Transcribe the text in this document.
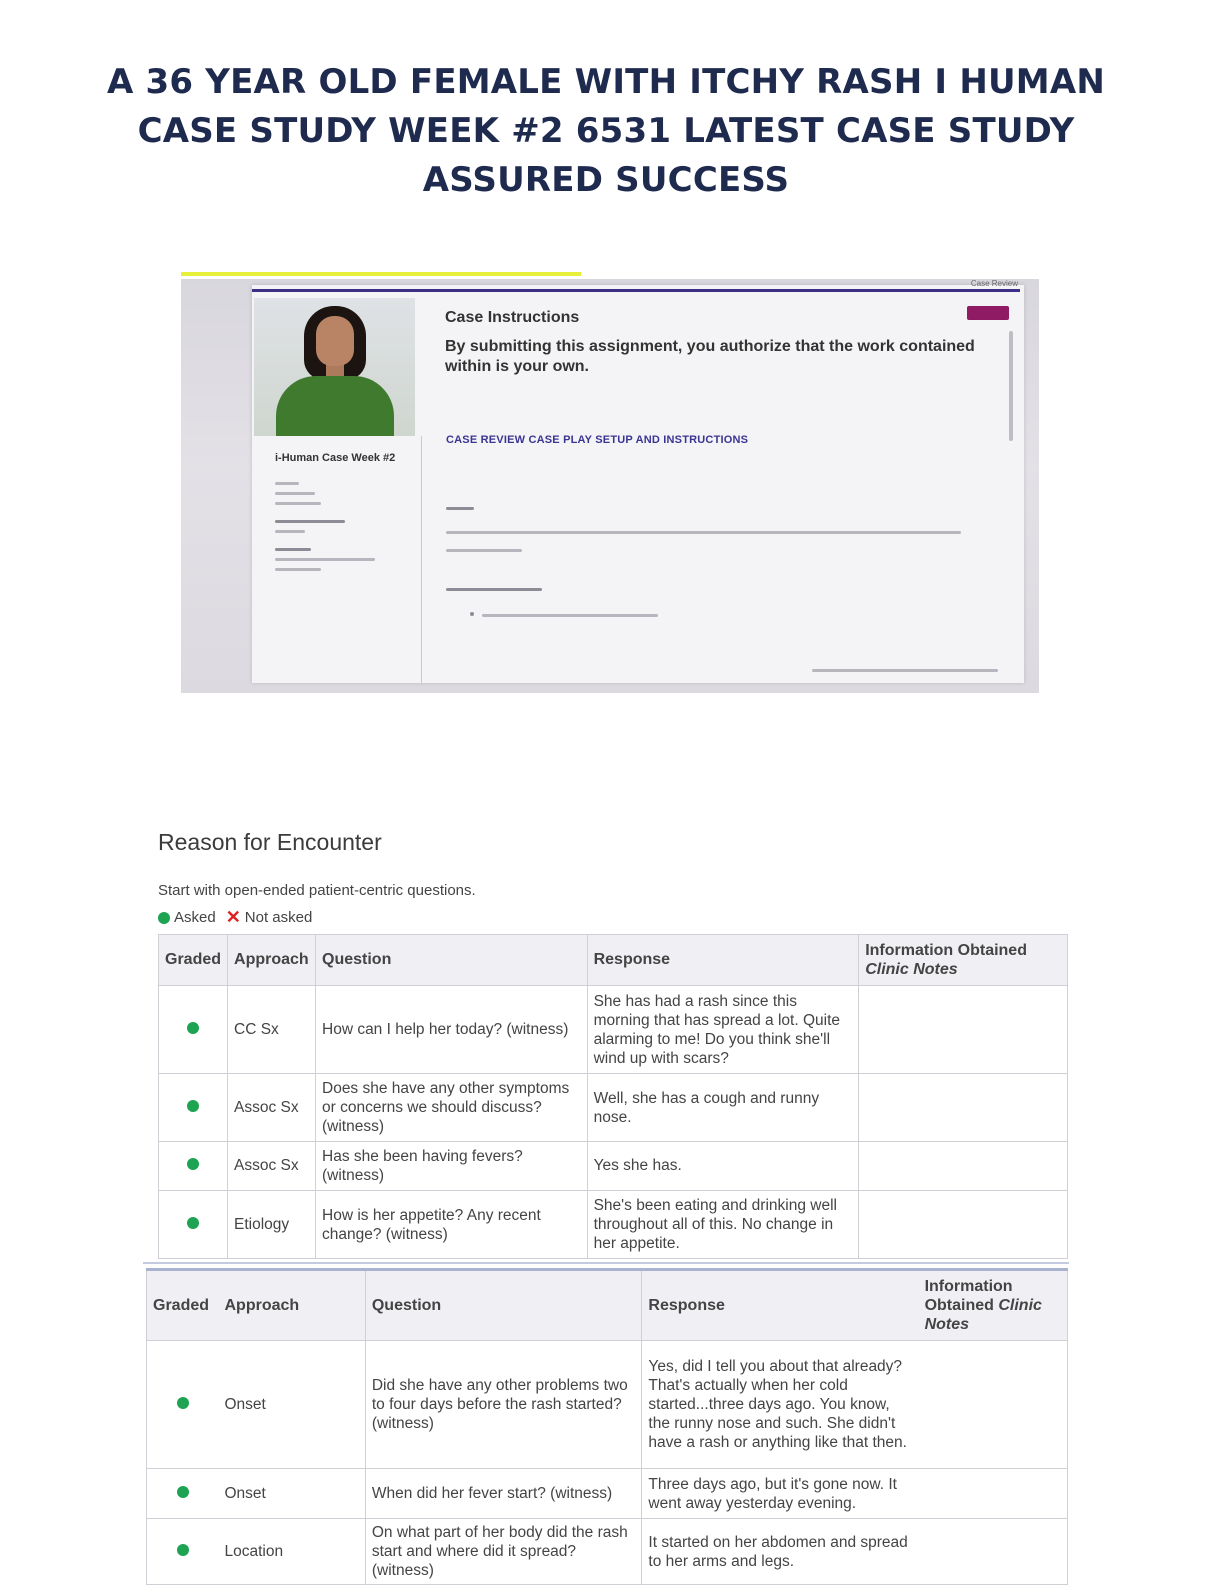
A 36 YEAR OLD FEMALE WITH ITCHY RASH I HUMAN
CASE STUDY WEEK #2 6531 LATEST CASE STUDY
ASSURED SUCCESS
Case Review
i-Human Case Week #2
Case Instructions
By submitting this assignment, you authorize that the work contained within is your own.
CASE REVIEW CASE PLAY SETUP AND INSTRUCTIONS
Reason for Encounter
Start with open-ended patient-centric questions.
Asked ✕ Not asked
Graded	Approach	Question	Response	Information Obtained
Clinic Notes
	CC Sx	How can I help her today? (witness)	She has had a rash since this morning that has spread a lot. Quite alarming to me! Do you think she'll wind up with scars?	
	Assoc Sx	Does she have any other symptoms or concerns we should discuss? (witness)	Well, she has a cough and runny nose.	
	Assoc Sx	Has she been having fevers? (witness)	Yes she has.	
	Etiology	How is her appetite? Any recent change? (witness)	She's been eating and drinking well throughout all of this. No change in her appetite.	
Graded	Approach	Question	Response	Information Obtained Clinic Notes
	Onset	Did she have any other problems two to four days before the rash started? (witness)	Yes, did I tell you about that already? That's actually when her cold started...three days ago. You know, the runny nose and such. She didn't have a rash or anything like that then.	
	Onset	When did her fever start? (witness)	Three days ago, but it's gone now. It went away yesterday evening.	
	Location	On what part of her body did the rash start and where did it spread? (witness)	It started on her abdomen and spread to her arms and legs.	
